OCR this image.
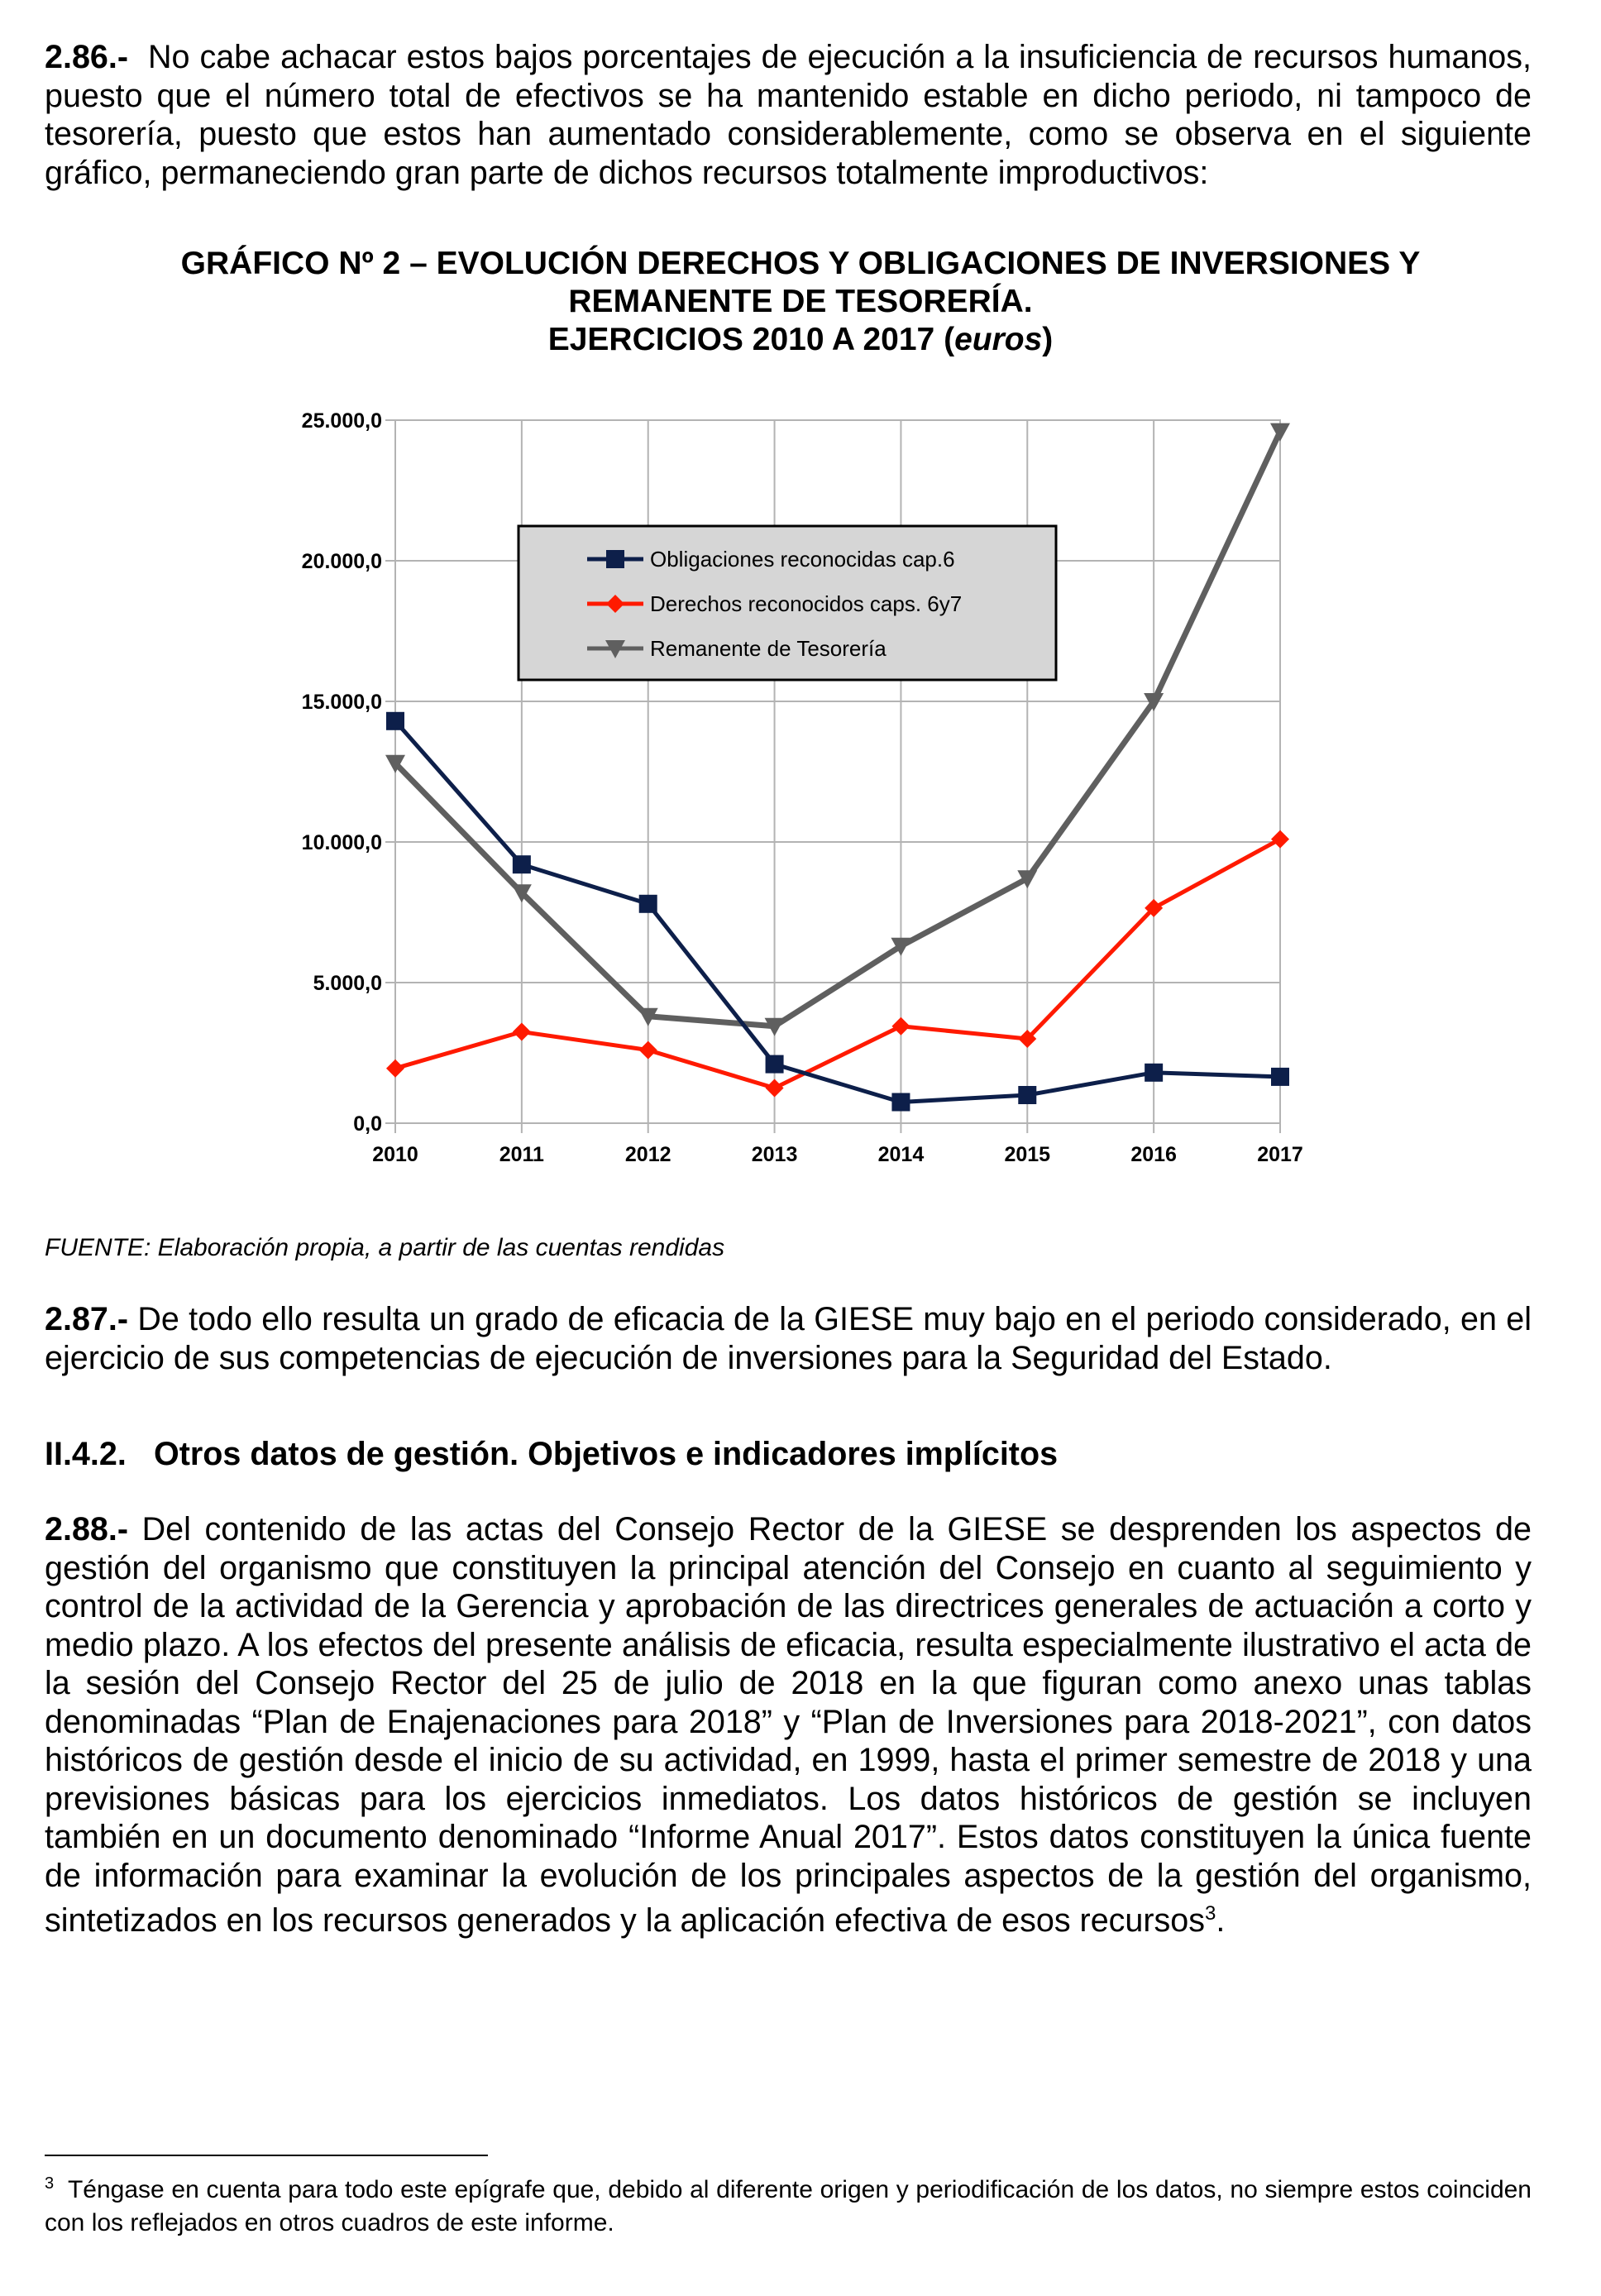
2.86.- No cabe achacar estos bajos porcentajes de ejecución a la insuficiencia de recursos humanos, puesto que el número total de efectivos se ha mantenido estable en dicho periodo, ni tampoco de tesorería, puesto que estos han aumentado considerablemente, como se observa en el siguiente gráfico, permaneciendo gran parte de dichos recursos totalmente improductivos:

GRÁFICO Nº 2 – EVOLUCIÓN DERECHOS Y OBLIGACIONES DE INVERSIONES Y
REMANENTE DE TESORERÍA.
EJERCICIOS 2010 A 2017 (euros)
0,0
5.000,0
10.000,0
15.000,0
20.000,0
25.000,0
2010	2011	2012	2013	2014	2015	2016	2017
Obligaciones reconocidas cap.6
Derechos reconocidos caps. 6y7
Remanente de Tesorería
FUENTE: Elaboración propia, a partir de las cuentas rendidas

2.87.- De todo ello resulta un grado de eficacia de la GIESE muy bajo en el periodo considerado, en el ejercicio de sus competencias de ejecución de inversiones para la Seguridad del Estado.

II.4.2. Otros datos de gestión. Objetivos e indicadores implícitos

2.88.- Del contenido de las actas del Consejo Rector de la GIESE se desprenden los aspectos de gestión del organismo que constituyen la principal atención del Consejo en cuanto al seguimiento y control de la actividad de la Gerencia y aprobación de las directrices generales de actuación a corto y medio plazo. A los efectos del presente análisis de eficacia, resulta especialmente ilustrativo el acta de la sesión del Consejo Rector del 25 de julio de 2018 en la que figuran como anexo unas tablas denominadas “Plan de Enajenaciones para 2018” y “Plan de Inversiones para 2018-2021”, con datos históricos de gestión desde el inicio de su actividad, en 1999, hasta el primer semestre de 2018 y una previsiones básicas para los ejercicios inmediatos. Los datos históricos de gestión se incluyen también en un documento denominado “Informe Anual 2017”. Estos datos constituyen la única fuente de información para examinar la evolución de los principales aspectos de la gestión del organismo, sintetizados en los recursos generados y la aplicación efectiva de esos recursos$^3$.

$^3$ Téngase en cuenta para todo este epígrafe que, debido al diferente origen y periodificación de los datos, no siempre estos coinciden con los reflejados en otros cuadros de este informe.
